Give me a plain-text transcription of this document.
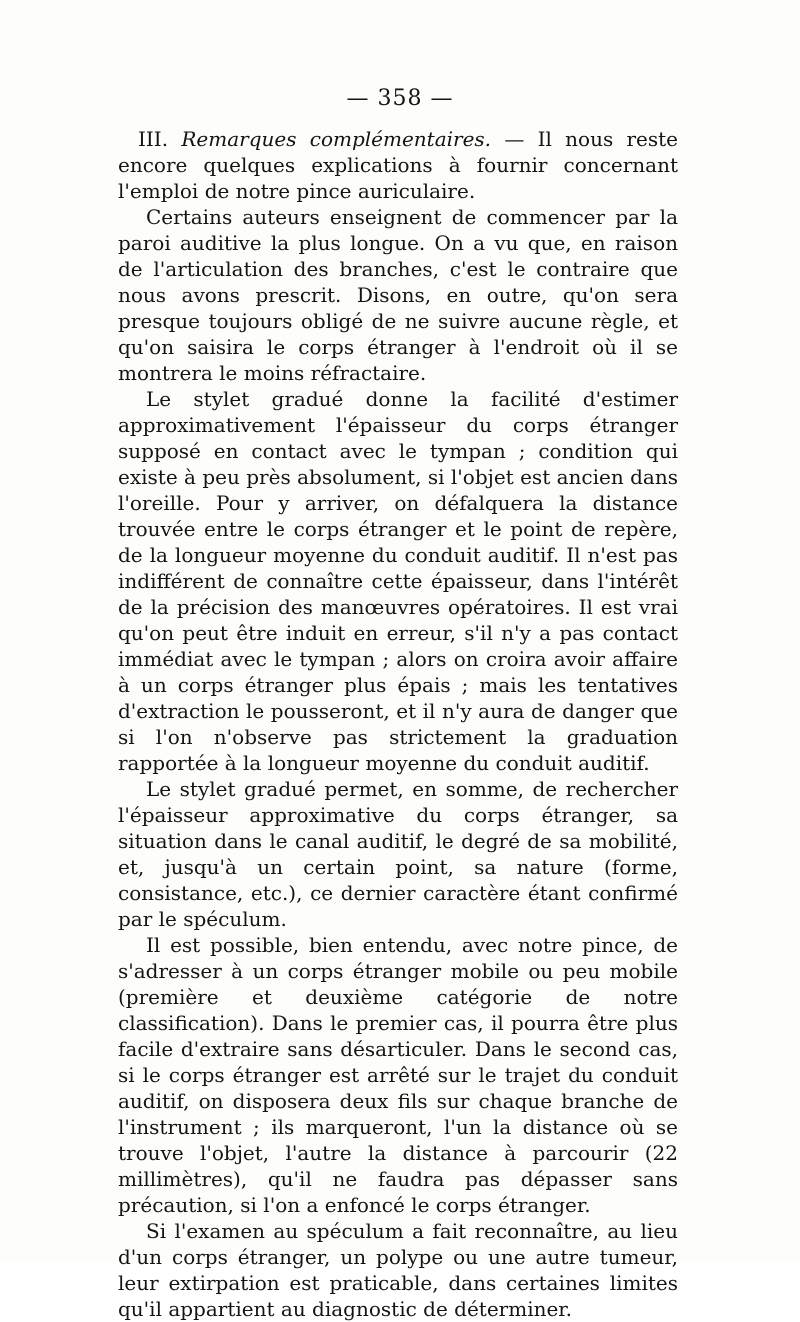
— 358 —

III. Remarques complémentaires. — Il nous reste encore quelques explications à fournir concernant l'emploi de notre pince auriculaire.

Certains auteurs enseignent de commencer par la paroi auditive la plus longue. On a vu que, en raison de l'articulation des branches, c'est le contraire que nous avons prescrit. Disons, en outre, qu'on sera presque toujours obligé de ne suivre aucune règle, et qu'on saisira le corps étranger à l'endroit où il se montrera le moins réfractaire.

Le stylet gradué donne la facilité d'estimer approximativement l'épaisseur du corps étranger supposé en contact avec le tympan ; condition qui existe à peu près absolument, si l'objet est ancien dans l'oreille. Pour y arriver, on défalquera la distance trouvée entre le corps étranger et le point de repère, de la longueur moyenne du conduit auditif. Il n'est pas indifférent de connaître cette épaisseur, dans l'intérêt de la précision des manœuvres opératoires. Il est vrai qu'on peut être induit en erreur, s'il n'y a pas contact immédiat avec le tympan ; alors on croira avoir affaire à un corps étranger plus épais ; mais les tentatives d'extraction le pousseront, et il n'y aura de danger que si l'on n'observe pas strictement la graduation rapportée à la longueur moyenne du conduit auditif.

Le stylet gradué permet, en somme, de rechercher l'épaisseur approximative du corps étranger, sa situation dans le canal auditif, le degré de sa mobilité, et, jusqu'à un certain point, sa nature (forme, consistance, etc.), ce dernier caractère étant confirmé par le spéculum.

Il est possible, bien entendu, avec notre pince, de s'adresser à un corps étranger mobile ou peu mobile (première et deuxième catégorie de notre classification). Dans le premier cas, il pourra être plus facile d'extraire sans désarticuler. Dans le second cas, si le corps étranger est arrêté sur le trajet du conduit auditif, on disposera deux fils sur chaque branche de l'instrument ; ils marqueront, l'un la distance où se trouve l'objet, l'autre la distance à parcourir (22 millimètres), qu'il ne faudra pas dépasser sans précaution, si l'on a enfoncé le corps étranger.

Si l'examen au spéculum a fait reconnaître, au lieu d'un corps étranger, un polype ou une autre tumeur, leur extirpation est praticable, dans certaines limites qu'il appartient au diagnostic de déterminer.
